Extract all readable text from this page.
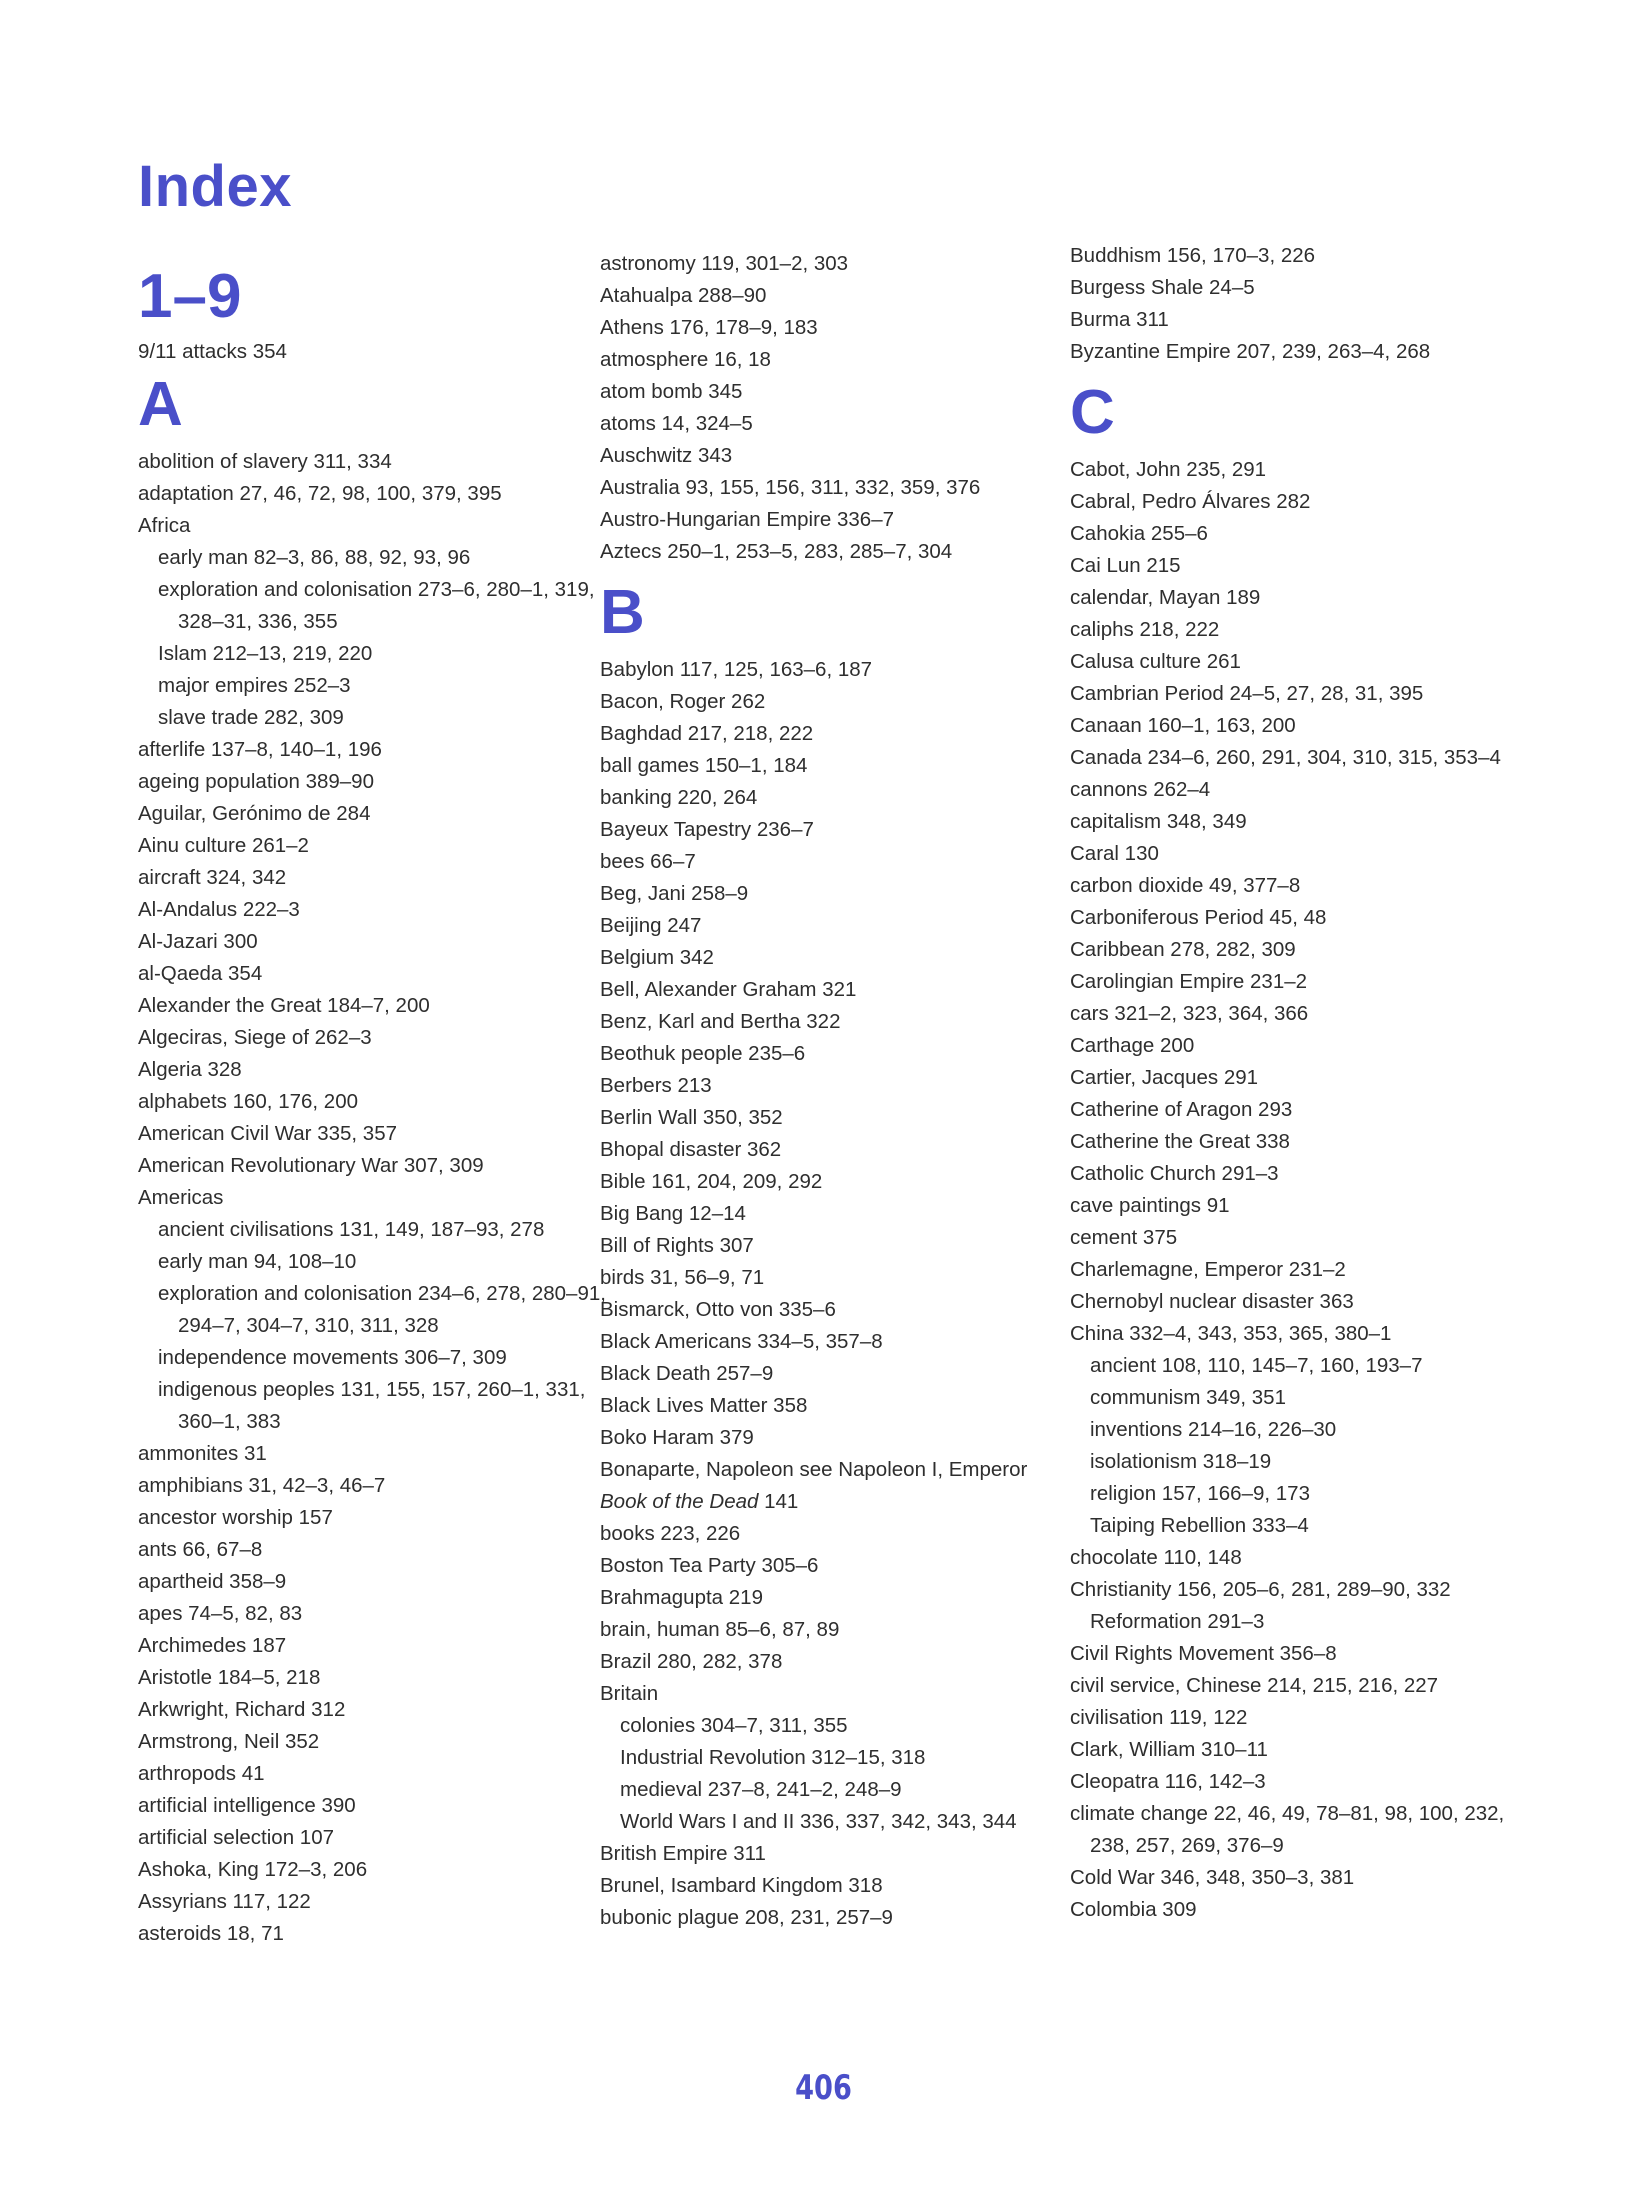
Index
1–9
9/11 attacks 354
A
abolition of slavery 311, 334
adaptation 27, 46, 72, 98, 100, 379, 395
Africa
early man 82–3, 86, 88, 92, 93, 96
exploration and colonisation 273–6, 280–1, 319, 328–31, 336, 355
Islam 212–13, 219, 220
major empires 252–3
slave trade 282, 309
afterlife 137–8, 140–1, 196
ageing population 389–90
Aguilar, Gerónimo de 284
Ainu culture 261–2
aircraft 324, 342
Al-Andalus 222–3
Al-Jazari 300
al-Qaeda 354
Alexander the Great 184–7, 200
Algeciras, Siege of 262–3
Algeria 328
alphabets 160, 176, 200
American Civil War 335, 357
American Revolutionary War 307, 309
Americas
ancient civilisations 131, 149, 187–93, 278
early man 94, 108–10
exploration and colonisation 234–6, 278, 280–91, 294–7, 304–7, 310, 311, 328
independence movements 306–7, 309
indigenous peoples 131, 155, 157, 260–1, 331, 360–1, 383
ammonites 31
amphibians 31, 42–3, 46–7
ancestor worship 157
ants 66, 67–8
apartheid 358–9
apes 74–5, 82, 83
Archimedes 187
Aristotle 184–5, 218
Arkwright, Richard 312
Armstrong, Neil 352
arthropods 41
artificial intelligence 390
artificial selection 107
Ashoka, King 172–3, 206
Assyrians 117, 122
asteroids 18, 71
astronomy 119, 301–2, 303
Atahualpa 288–90
Athens 176, 178–9, 183
atmosphere 16, 18
atom bomb 345
atoms 14, 324–5
Auschwitz 343
Australia 93, 155, 156, 311, 332, 359, 376
Austro-Hungarian Empire 336–7
Aztecs 250–1, 253–5, 283, 285–7, 304
B
Babylon 117, 125, 163–6, 187
Bacon, Roger 262
Baghdad 217, 218, 222
ball games 150–1, 184
banking 220, 264
Bayeux Tapestry 236–7
bees 66–7
Beg, Jani 258–9
Beijing 247
Belgium 342
Bell, Alexander Graham 321
Benz, Karl and Bertha 322
Beothuk people 235–6
Berbers 213
Berlin Wall 350, 352
Bhopal disaster 362
Bible 161, 204, 209, 292
Big Bang 12–14
Bill of Rights 307
birds 31, 56–9, 71
Bismarck, Otto von 335–6
Black Americans 334–5, 357–8
Black Death 257–9
Black Lives Matter 358
Boko Haram 379
Bonaparte, Napoleon see Napoleon I, Emperor
Book of the Dead 141
books 223, 226
Boston Tea Party 305–6
Brahmagupta 219
brain, human 85–6, 87, 89
Brazil 280, 282, 378
Britain
colonies 304–7, 311, 355
Industrial Revolution 312–15, 318
medieval 237–8, 241–2, 248–9
World Wars I and II 336, 337, 342, 343, 344
British Empire 311
Brunel, Isambard Kingdom 318
bubonic plague 208, 231, 257–9
Buddhism 156, 170–3, 226
Burgess Shale 24–5
Burma 311
Byzantine Empire 207, 239, 263–4, 268
C
Cabot, John 235, 291
Cabral, Pedro Álvares 282
Cahokia 255–6
Cai Lun 215
calendar, Mayan 189
caliphs 218, 222
Calusa culture 261
Cambrian Period 24–5, 27, 28, 31, 395
Canaan 160–1, 163, 200
Canada 234–6, 260, 291, 304, 310, 315, 353–4
cannons 262–4
capitalism 348, 349
Caral 130
carbon dioxide 49, 377–8
Carboniferous Period 45, 48
Caribbean 278, 282, 309
Carolingian Empire 231–2
cars 321–2, 323, 364, 366
Carthage 200
Cartier, Jacques 291
Catherine of Aragon 293
Catherine the Great 338
Catholic Church 291–3
cave paintings 91
cement 375
Charlemagne, Emperor 231–2
Chernobyl nuclear disaster 363
China 332–4, 343, 353, 365, 380–1
ancient 108, 110, 145–7, 160, 193–7
communism 349, 351
inventions 214–16, 226–30
isolationism 318–19
religion 157, 166–9, 173
Taiping Rebellion 333–4
chocolate 110, 148
Christianity 156, 205–6, 281, 289–90, 332
Reformation 291–3
Civil Rights Movement 356–8
civil service, Chinese 214, 215, 216, 227
civilisation 119, 122
Clark, William 310–11
Cleopatra 116, 142–3
climate change 22, 46, 49, 78–81, 98, 100, 232, 238, 257, 269, 376–9
Cold War 346, 348, 350–3, 381
Colombia 309
406
